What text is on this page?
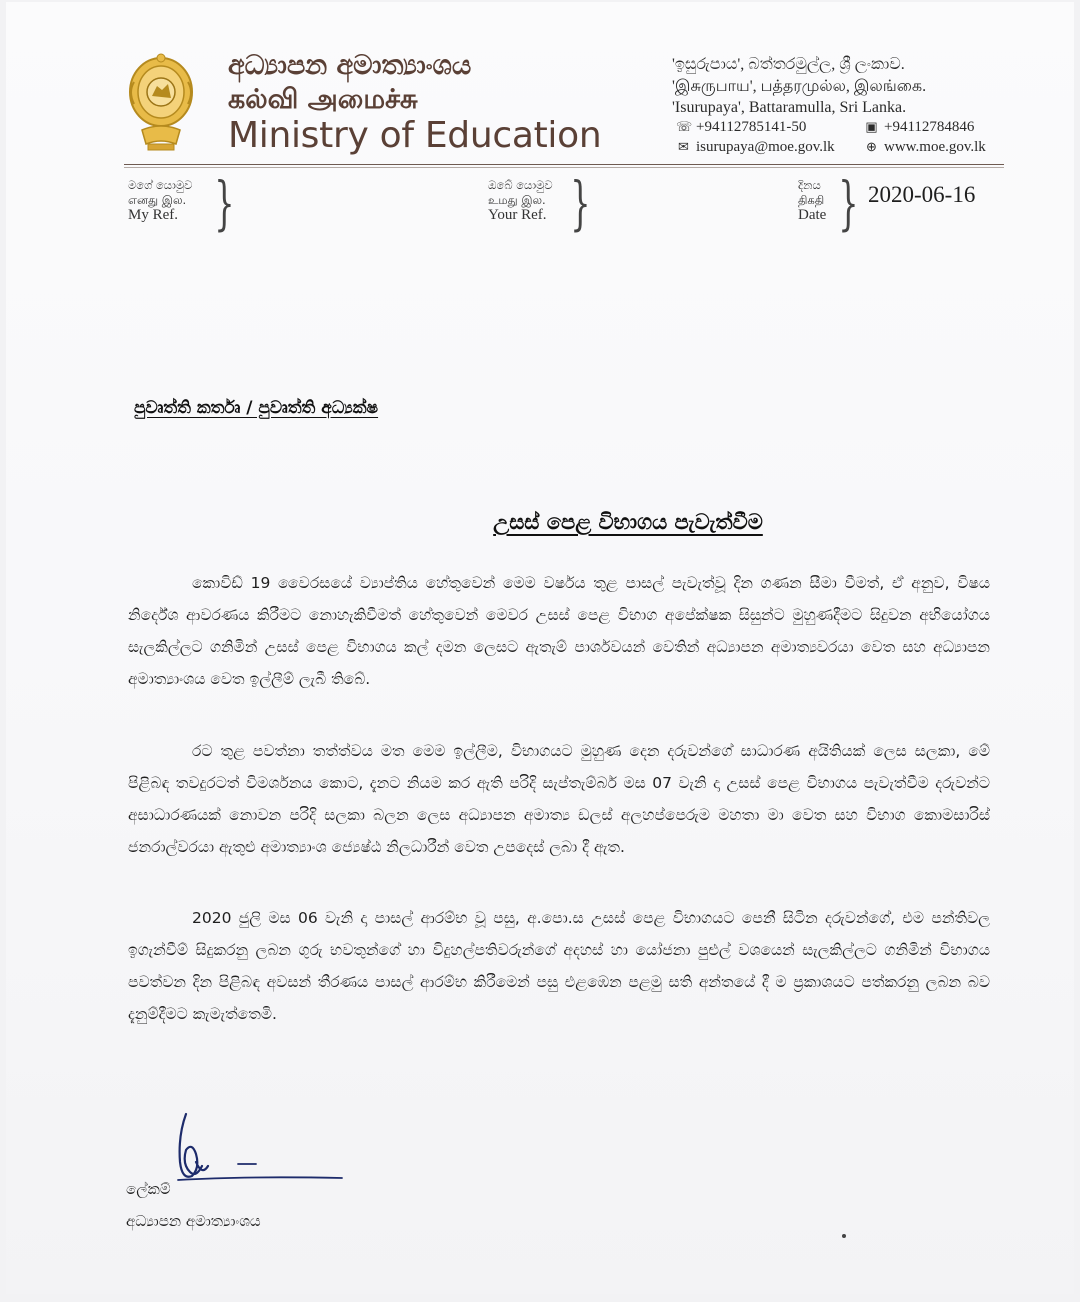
අධ්‍යාපන අමාත්‍යාංශය
கல்வி அமைச்சு
Ministry of Education
'ඉසුරුපාය', බත්තරමුල්ල, ශ්‍රී ලංකාව.
'இசுருபாய', பத்தரமுல்ல, இலங்கை.
'Isurupaya', Battaramulla, Sri Lanka.
☏ +94112785141-50	▣ +94112784846
✉ isurupaya@moe.gov.lk ⊕ www.moe.gov.lk
මගේ යොමුව
எனது இல.
My Ref. }	ඔබේ යොමුව
உமது இல.
Your Ref. }	දිනය
திகதி
Date } 2020-06-16
පුවෘත්ති කර්තෘ / පුවෘත්ති අධ්‍යක්ෂ
උසස් පෙළ විභාගය පැවැත්වීම
කොවිඩ් 19 වෛරසයේ ව්‍යාප්තිය හේතුවෙන් මෙම වර්ෂය තුළ පාසල් පැවැත්වූ දින ගණන සීමා වීමත්, ඒ අනුව, විෂය නිර්දේශ ආවරණය කිරීමට නොහැකිවීමත් හේතුවෙන් මෙවර උසස් පෙළ විභාග අපේක්ෂක සිසුන්ට මුහුණදීමට සිදුවන අභියෝගය සැලකිල්ලට ගනිමින් උසස් පෙළ විභාගය කල් දමන ලෙසට ඇතැම් පාර්ශවයන් වෙතින් අධ්‍යාපන අමාත්‍යවරයා වෙත සහ අධ්‍යාපන අමාත්‍යාංශය වෙත ඉල්ලීම් ලැබී තිබේ.
රට තුළ පවත්නා තත්ත්වය මත මෙම ඉල්ලීම, විභාගයට මුහුණ දෙන දරුවන්ගේ සාධාරණ අයිතියක් ලෙස සලකා, මේ පිළිබඳ තවදුරටත් විමර්ශනය කොට, දැනට නියම කර ඇති පරිදි සැප්තැම්බර් මස 07 වැනි දා උසස් පෙළ විභාගය පැවැත්වීම දරුවන්ට අසාධාරණයක් නොවන පරිදි සලකා බලන ලෙස අධ්‍යාපන අමාත්‍ය ඩලස් අලහප්පෙරුම මහතා මා වෙත සහ විභාග කොමසාරිස් ජනරාල්වරයා ඇතුළු අමාත්‍යාංශ ජ්‍යෙෂ්ඨ නිලධාරීන් වෙත උපදෙස් ලබා දී ඇත.
2020 ජුලි මස 06 වැනි දා පාසල් ආරම්භ වූ පසු, අ.පො.ස උසස් පෙළ විභාගයට පෙනී සිටින දරුවන්ගේ, එම පන්තිවල ඉගැන්වීම් සිදුකරනු ලබන ගුරු භවතුන්ගේ හා විදුහල්පතිවරුන්ගේ අදහස් හා යෝජනා පුළුල් වශයෙන් සැලකිල්ලට ගනිමින් විභාගය පවත්වන දින පිළිබඳ අවසන් තීරණය පාසල් ආරම්භ කිරීමෙන් පසු එළඹෙන පළමු සති අන්තයේ දී ම ප්‍රකාශයට පත්කරනු ලබන බව දැනුම්දීමට කැමැත්තෙමි.
ලේකම්
අධ්‍යාපන අමාත්‍යාංශය
